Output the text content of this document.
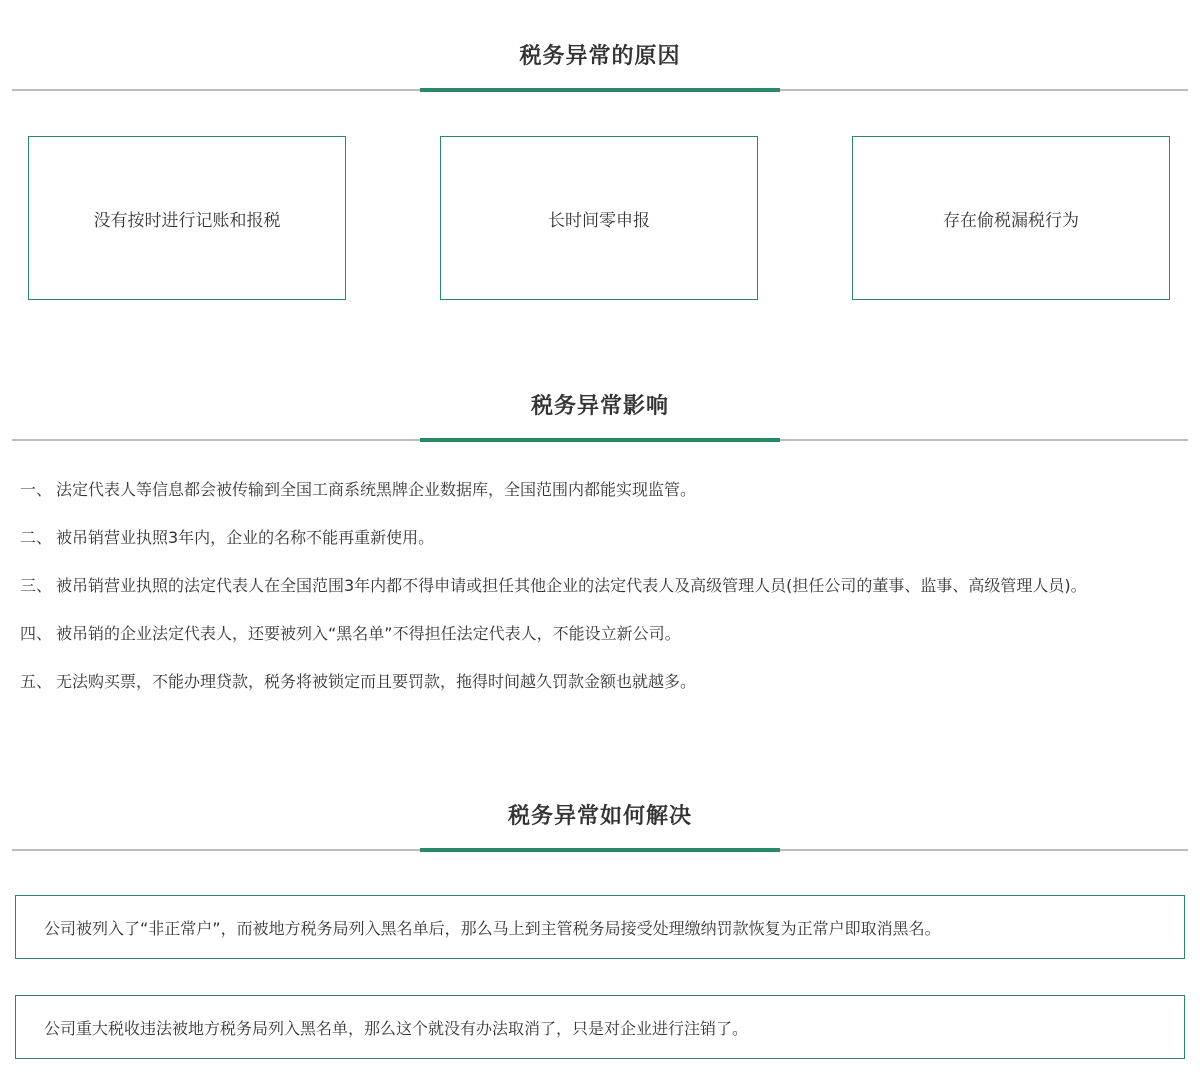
税务异常的原因
没有按时进行记账和报税	长时间零申报	存在偷税漏税行为
税务异常影响
一、 法定代表人等信息都会被传输到全国工商系统黑牌企业数据库，全国范围内都能实现监管。
二、 被吊销营业执照3年内，企业的名称不能再重新使用。
三、 被吊销营业执照的法定代表人在全国范围3年内都不得申请或担任其他企业的法定代表人及高级管理人员(担任公司的董事、监事、高级管理人员)。
四、 被吊销的企业法定代表人，还要被列入“黑名单”不得担任法定代表人，不能设立新公司。
五、 无法购买票，不能办理贷款，税务将被锁定而且要罚款，拖得时间越久罚款金额也就越多。
税务异常如何解决
公司被列入了“非正常户”，而被地方税务局列入黑名单后，那么马上到主管税务局接受处理缴纳罚款恢复为正常户即取消黑名。
公司重大税收违法被地方税务局列入黑名单，那么这个就没有办法取消了，只是对企业进行注销了。
